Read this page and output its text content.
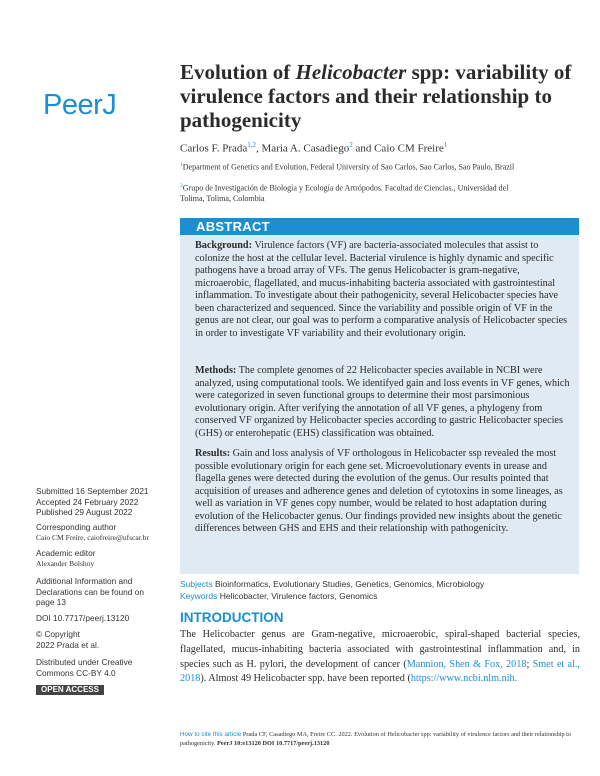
PeerJ
Evolution of Helicobacter spp: variability of virulence factors and their relationship to pathogenicity
Carlos F. Prada$^{1,2}$, Maria A. Casadiego$^2$ and Caio CM Freire$^1$
$^1$Department of Genetics and Evolution, Federal University of Sao Carlos, Sao Carlos, Sao Paulo, Brazil
$^2$Grupo de Investigación de Biología y Ecología de Artrópodos. Facultad de Ciencias., Universidad del Tolima, Tolima, Colombia
ABSTRACT
Background: Virulence factors (VF) are bacteria-associated molecules that assist to colonize the host at the cellular level. Bacterial virulence is highly dynamic and specific pathogens have a broad array of VFs. The genus Helicobacter is gram-negative, microaerobic, flagellated, and mucus-inhabiting bacteria associated with gastrointestinal inflammation. To investigate about their pathogenicity, several Helicobacter species have been characterized and sequenced. Since the variability and possible origin of VF in the genus are not clear, our goal was to perform a comparative analysis of Helicobacter species in order to investigate VF variability and their evolutionary origin.
Methods: The complete genomes of 22 Helicobacter species available in NCBI were analyzed, using computational tools. We identifyed gain and loss events in VF genes, which were categorized in seven functional groups to determine their most parsimonious evolutionary origin. After verifying the annotation of all VF genes, a phylogeny from conserved VF organized by Helicobacter species according to gastric Helicobacter species (GHS) or enterohepatic (EHS) classification was obtained.
Results: Gain and loss analysis of VF orthologous in Helicobacter ssp revealed the most possible evolutionary origin for each gene set. Microevolutionary events in urease and flagella genes were detected during the evolution of the genus. Our results pointed that acquisition of ureases and adherence genes and deletion of cytotoxins in some lineages, as well as variation in VF genes copy number, would be related to host adaptation during evolution of the Helicobacter genus. Our findings provided new insights about the genetic differences between GHS and EHS and their relationship with pathogenicity.
Submitted 16 September 2021
Accepted 24 February 2022
Published 29 August 2022
Corresponding author
Caio CM Freire, caiofreire@ufscar.br
Academic editor
Alexander Bolshoy
Additional Information and Declarations can be found on page 13
DOI 10.7717/peerj.13120
© Copyright
2022 Prada et al.
Distributed under Creative Commons CC-BY 4.0
OPEN ACCESS
Subjects Bioinformatics, Evolutionary Studies, Genetics, Genomics, Microbiology
Keywords Helicobacter, Virulence factors, Genomics
INTRODUCTION
The Helicobacter genus are Gram-negative, microaerobic, spiral-shaped bacterial species, flagellated, mucus-inhabiting bacteria associated with gastrointestinal inflammation and, in species such as H. pylori, the development of cancer (Mannion, Shen & Fox, 2018; Smet et al., 2018). Almost 49 Helicobacter spp. have been reported (https://www.ncbi.nlm.nih.
How to cite this article Prada CF, Casadiego MA, Freire CC. 2022. Evolution of Helicobacter spp: variability of virulence factors and their relationship to pathogenicity. PeerJ 10:e13120 DOI 10.7717/peerj.13120
